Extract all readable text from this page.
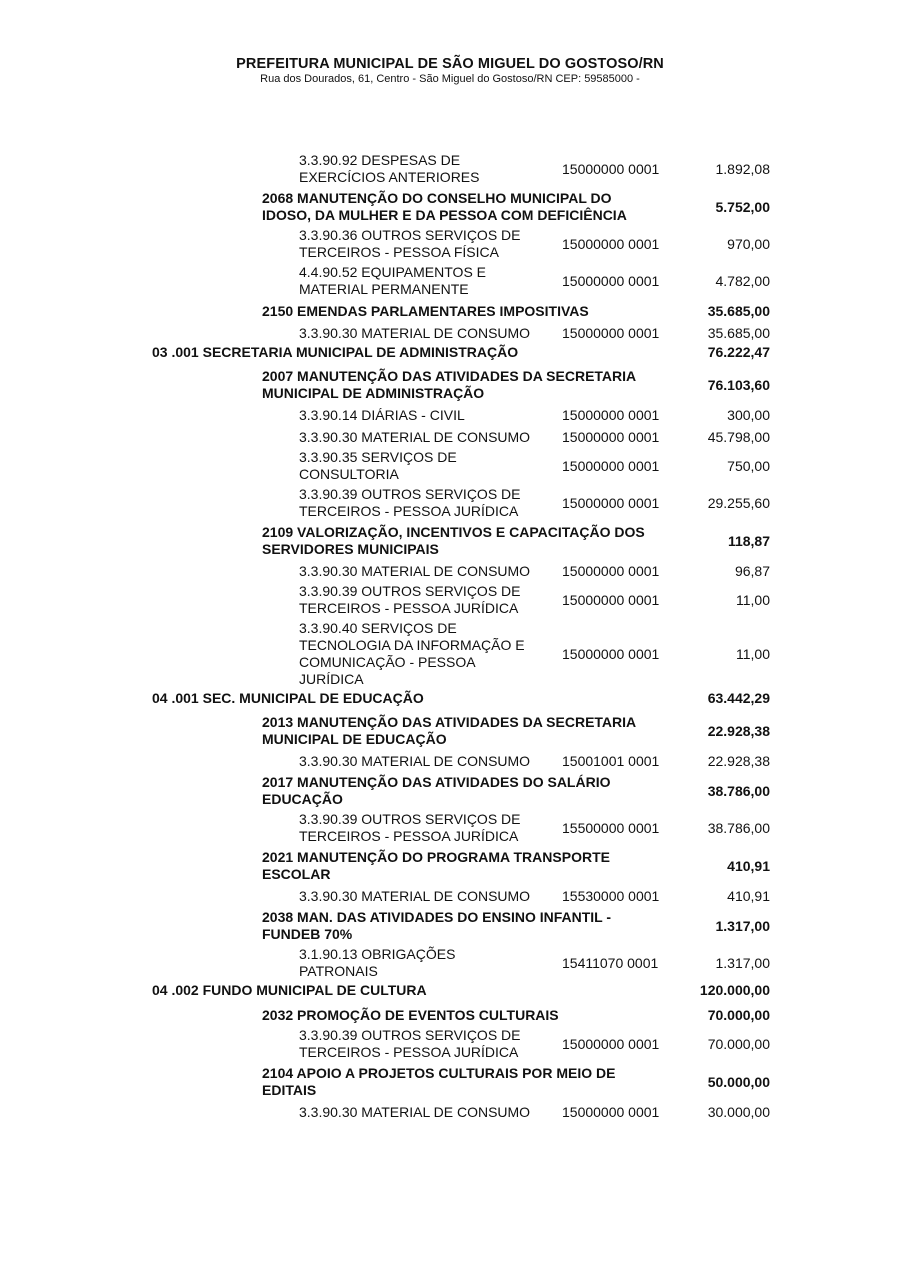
PREFEITURA MUNICIPAL DE SÃO MIGUEL DO GOSTOSO/RN
Rua dos Dourados, 61, Centro - São Miguel do Gostoso/RN CEP: 59585000 -
3.3.90.92 DESPESAS DE
EXERCÍCIOS ANTERIORES	15000000 0001	1.892,08
2068 MANUTENÇÃO DO CONSELHO MUNICIPAL DO
IDOSO, DA MULHER E DA PESSOA COM DEFICIÊNCIA	5.752,00
3.3.90.36 OUTROS SERVIÇOS DE
TERCEIROS - PESSOA FÍSICA	15000000 0001	970,00
4.4.90.52 EQUIPAMENTOS E
MATERIAL PERMANENTE	15000000 0001	4.782,00
2150 EMENDAS PARLAMENTARES IMPOSITIVAS	35.685,00
3.3.90.30 MATERIAL DE CONSUMO	15000000 0001	35.685,00
03 .001 SECRETARIA MUNICIPAL DE ADMINISTRAÇÃO	76.222,47
2007 MANUTENÇÃO DAS ATIVIDADES DA SECRETARIA
MUNICIPAL DE ADMINISTRAÇÃO	76.103,60
3.3.90.14 DIÁRIAS - CIVIL	15000000 0001	300,00
3.3.90.30 MATERIAL DE CONSUMO	15000000 0001	45.798,00
3.3.90.35 SERVIÇOS DE
CONSULTORIA	15000000 0001	750,00
3.3.90.39 OUTROS SERVIÇOS DE
TERCEIROS - PESSOA JURÍDICA	15000000 0001	29.255,60
2109 VALORIZAÇÃO, INCENTIVOS E CAPACITAÇÃO DOS
SERVIDORES MUNICIPAIS	118,87
3.3.90.30 MATERIAL DE CONSUMO	15000000 0001	96,87
3.3.90.39 OUTROS SERVIÇOS DE
TERCEIROS - PESSOA JURÍDICA	15000000 0001	11,00
3.3.90.40 SERVIÇOS DE
TECNOLOGIA DA INFORMAÇÃO E
COMUNICAÇÃO - PESSOA
JURÍDICA
15000000 0001	11,00
04 .001 SEC. MUNICIPAL DE EDUCAÇÃO	63.442,29
2013 MANUTENÇÃO DAS ATIVIDADES DA SECRETARIA
MUNICIPAL DE EDUCAÇÃO	22.928,38
3.3.90.30 MATERIAL DE CONSUMO	15001001 0001	22.928,38
2017 MANUTENÇÃO DAS ATIVIDADES DO SALÁRIO
EDUCAÇÃO	38.786,00
3.3.90.39 OUTROS SERVIÇOS DE
TERCEIROS - PESSOA JURÍDICA	15500000 0001	38.786,00
2021 MANUTENÇÃO DO PROGRAMA TRANSPORTE
ESCOLAR	410,91
3.3.90.30 MATERIAL DE CONSUMO	15530000 0001	410,91
2038 MAN. DAS ATIVIDADES DO ENSINO INFANTIL -
FUNDEB 70%	1.317,00
3.1.90.13 OBRIGAÇÕES
PATRONAIS	15411070 0001	1.317,00
04 .002 FUNDO MUNICIPAL DE CULTURA	120.000,00
2032 PROMOÇÃO DE EVENTOS CULTURAIS	70.000,00
3.3.90.39 OUTROS SERVIÇOS DE
TERCEIROS - PESSOA JURÍDICA	15000000 0001	70.000,00
2104 APOIO A PROJETOS CULTURAIS POR MEIO DE
EDITAIS	50.000,00
3.3.90.30 MATERIAL DE CONSUMO	15000000 0001	30.000,00
